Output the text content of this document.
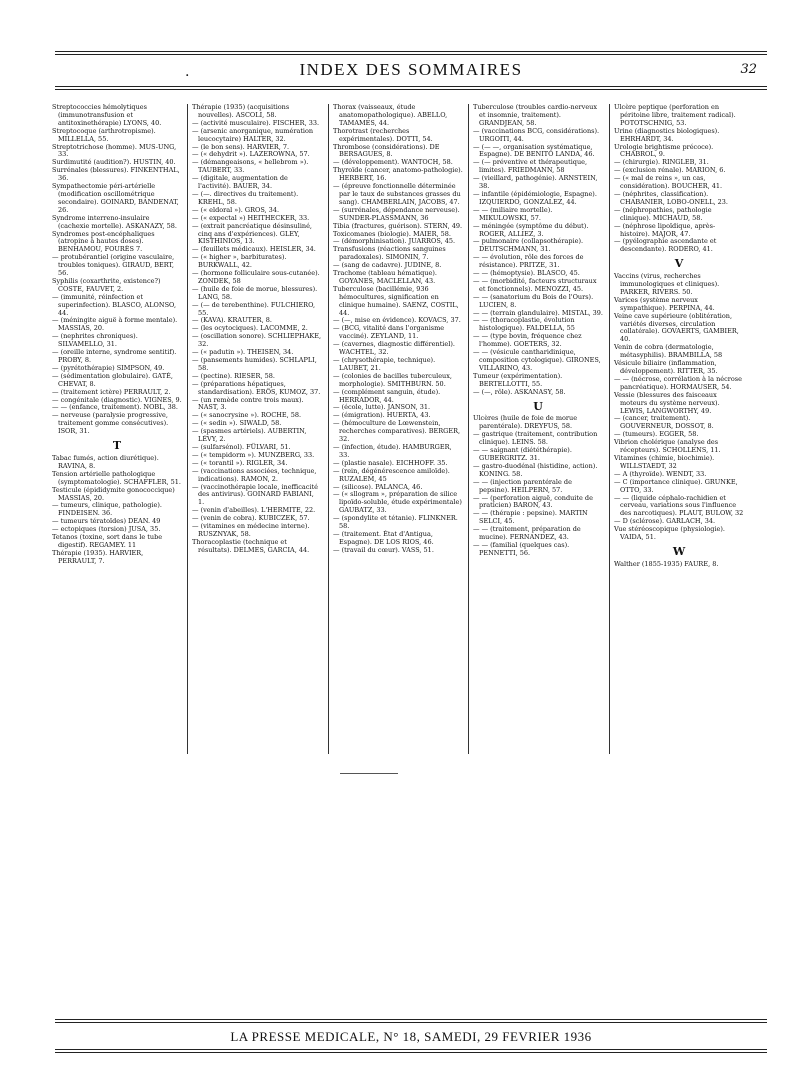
.	INDEX DES SOMMAIRES	32

Streptococcies hémolytiques (immunotransfusion et antitoxinethérapie) LYONS, 40.

Streptocoque (arthrotropisme). MILLELLA, 55.

Streptotrichose (homme). MUS-UNG, 33.

Surdimutité (audition?). HUSTIN, 40.

Surrénales (blessures). FINKENTHAL, 36.

Sympathectomie péri-artérielle (modification oscillométrique secondaire). GOINARD, BANDENAT, 26.

Syndrome interreno-insulaire (cachexie mortelle). ASKANAZY, 58.

Syndromes post-encéphaliques (atropine à hautes doses). BENHAMOU, FOURÈS 7.

— protubérantiel (origine vasculaire, troubles toniques). GIRAUD, BERT, 56.

Syphilis (coxarthrite, existence?) COSTE, FAUVET, 2.

— (immunité, réinfection et superinfection). BLASCO, ALONSO, 44.

— (méningite aiguë à forme mentale). MASSIAS, 20.

— (nephrites chroniques). SILVAMELLO, 31.

— (oreille interne, syndrome sentitif). PROBY, 8.

— (pyrétothérapie) SIMPSON, 49.

— (sédimentation globulaire). GATÉ, CHEVAT, 8.

— (traitement ictère) PERRAULT, 2.

— congénitale (diagnostic). VIGNES, 9.

— — (enfance, traitement). NOBL, 38.

— nerveuse (paralysie progressive, traitement gomme consécutives). ISOR, 31.

T

Tabac fumés, action diurétique). RAVINA, 8.

Tension artérielle pathologique (symptomatologie). SCHAFFLER, 51.

Testicule (épididymite gonococcique) MASSIAS, 20.

— tumeurs, clinique, pathologie). FINDEISEN. 36.

— tumeurs tératoïdes) DEAN. 49

— ectopiques (torsion) JUSA, 35.

Tetanos (toxine, sort dans le tube digestif). REGAMEY. 11

Thérapie (1935). HARVIER, PERRAULT, 7.

Thérapie (1935) (acquisitions nouvelles). ASCOLI, 58.

— (activité musculaire). FISCHER, 33.

— (arsenic anorganique, numération leucocytaire) HALTER, 32.

— (le bon sens). HARVIER, 7.

— (« dehydrit »). LAZEROWNA, 57.

— (démangeaisons, « hellebrom »). TAUBERT, 33.

— (digitale, augmentation de l'activité). BAUER, 34.

— (—. directives du traitement). KREHL, 58.

— (« eldoral »). GROS, 34.

— (« expectal ») HEITHECKER, 33.

— (extrait pancréatique désinsuliné, cinq ans d'expériences). GLEY, KISTHINIOS, 13.

— (feuillets médicaux). HEISLER, 34.

— (« higher », barbiturates). BURKWALL, 42.

— (hormone folliculaire sous-cutanée). ZONDEK, 58

— (huile de foie de morue, blessures). LANG, 58.

— (— de terebenthine). FULCHIERO, 55.

— (KAVA). KRAUTER, 8.

— (les ocytociques). LACOMME, 2.

— (oscillation sonore). SCHLIEPHAKE, 32.

— (« padutin »). THEISEN, 34.

— (pansements humides). SCHLAPLI, 58.

— (pectine). RIESER, 58.

— (préparations hépatiques, standardisation). ERÖS, KUMOZ, 37.

— (un remède contre trois maux). NAST, 3.

— (« sanocrysine »). ROCHE, 58.

— (« sedin »). SIWALD, 58.

— (spasmes artériels). AUBERTIN, LÉVY, 2.

— (sulfarsénol). FÜLVARI, 51.

— (« tempidorm »). MUNZBERG, 33.

— (« torantil »). RIGLER, 34.

— (vaccinations associées, technique, indications). RAMON, 2.

— (vaccinothérapie locale, inefficacité des antivirus). GOINARD FABIANI, 1.

— (venin d'abeilles). L'HERMITE, 22.

— (venin de cobra). KUBICZEK, 57.

— (vitamines en médecine interne). RUSZNYAK, 58.

Thoracoplastie (technique et résultats). DELMES, GARCIA, 44.

Thorax (vaisseaux, étude anatomopathologique). ABELLO, TAMAMES, 44.

Thorotrast (recherches expérimentales). DOTTI, 54.

Thrombose (considérations). DE BERSAGUES, 8.

— (développement). WANTOCH, 58.

Thyroïde (cancer, anatomo-pathologie). HERBERT, 16.

— (épreuve fonctionnelle déterminée par le taux de substances grasses du sang). CHAMBERLAIN, JACOBS, 47.

— (surrénales, dépendance nerveuse). SUNDER-PLASSMANN, 36

Tibia (fractures, guérison). STERN, 49.

Toxicomanes (biologie). MAIER, 58.

— (démorphinisation). JUARROS, 45.

Transfusions (réactions sanguines paradoxales). SIMONIN, 7.

— (sang de cadavre). JUDINE, 8.

Trachome (tableau hématique). GOYANES, MACLELLAN, 43.

Tuberculose (bacillémie, 936 hémocultures, signification en clinique humaine). SAENZ, COSTIL, 44.

— (—, mise en évidence). KOVACS, 37.

— (BCG, vitalité dans l'organisme vacciné). ZEYLAND, 11.

— (cavernes, diagnostic différentiel). WACHTEL, 32.

— (chrysothérapie, technique). LAUBET, 21.

— (colonies de bacilles tuberculeux, morphologie). SMITHBURN. 50.

— (complément sanguin, étude). HERRADOR, 44.

— (école, lutte). JANSON, 31.

— (émigration). HUERTA, 43.

— (hémoculture de Lœwenstein, recherches comparatives). BERGER, 32.

— (infection, étude). HAMBURGER, 33.

— (plastie nasale). EICHHOFF. 35.

— (rein, dégénérescence amiloïde). RUZALEM, 45

— (silicose). PALANCA, 46.

— (« sllogram », préparation de silice lipoïdo-soluble, étude expérimentale) GAUBATZ, 33.

— (spondylite et tétanie). FLINKNER. 58.

— (traitement. État d'Antigua, Espagne). DE LOS RIOS, 46.

— (travail du cœur). VASS, 51.

Tuberculose (troubles cardio-nerveux et insomnie, traitement). GRANDJEAN, 58.

— (vaccinations BCG, considérations). URGOITI, 44.

— (— —, organisation systématique, Espagne). DE BENITO LANDA, 46.

— (— préventive et thérapeutique, limites). FRIEDMANN, 58

— (vieillard, pathogénie). ARNSTEIN, 38.

— infantile (épidémiologie, Espagne). IZQUIERDO, GONZALEZ, 44.

— — (miliaire mortelle). MIKULOWSKI, 57.

— méningée (symptôme du début). ROGER, ALLIEZ, 3.

— pulmonaire (collapsothérapie). DEUTSCHMANN, 31.

— — évolution, rôle des forces de résistance). PRITZE, 31.

— — (hémoptysie). BLASCO, 45.

— — (morbidité, facteurs structuraux et fonctionnels). MENOZZI, 45.

— — (sanatorium du Bois de l'Ours). LUCIEN, 8.

— — (terrain glandulaire). MISTAL, 39.

— — (thoracoplastie, évolution histologique). FALDELLA, 55

— — (type bovin, fréquence chez l'homme). GOETERS, 32.

— — (vésicule cantharidinique, composition cytologique). GIRONES, VILLARINO, 43.

Tumeur (expérimentation). BERTELLOTTI, 55.

— (—, rôle). ASKANASY, 58.

U

Ulcères (huile de foie de morue parentérale). DREYFUS, 58.

— gastrique (traitement, contribution clinique). LEINS. 58.

— — saignant (diététhérapie). GUBERGRITZ. 31.

— gastro-duodénal (histidine, action). KONING. 58.

— — (injection parentérale de pepsine). HEILPERN, 57.

— — (perforation aiguë, conduite de praticien) BARON, 43.

— — (thérapie : pepsine). MARTIN SELCI, 45.

— — (traitement, préparation de mucine). FERNANDEZ, 43.

— — (familial (quelques cas). PENNETTI, 56.

Ulcère peptique (perforation en péritoine libre, traitement radical). POTOTSCHNIG, 53.

Urine (diagnostics biologiques). EHRHARDT, 34.

Urologie brightisme précoce). CHABROL, 9.

— (chirurgie). RINGLEB, 31.

— (exclusion rénale). MARION, 6.

— (« mal de reins », un cas, considération). BOUCHER, 41.

— (néphrites, classification). CHABANIER, LOBO-ONELL, 23.

— (néphropathies, pathologie clinique). MICHAUD, 58.

— (néphrose lipoïdique, après-histoire). MAJOR, 47.

— (pyélographie ascendante et descendante). RODERO, 41.

V

Vaccins (virus, recherches immunologiques et cliniques). PARKER, RIVERS. 50.

Varices (système nerveux sympathique). PERPINA, 44.

Veine cave supérieure (oblitération, variétés diverses, circulation collatérale). GOVAERTS, GAMBIER, 40.

Venin de cobra (dermatologie, métasyphilis). BRAMBILLA, 58

Vésicule biliaire (inflammation, développement). RITTER, 35.

— — (nécrose, corrélation à la nécrose pancréatique). HORMAUSER, 54.

Vessie (blessures des faisceaux moteurs du système nerveux). LEWIS, LANGWORTHY, 49.

— (cancer, traitement). GOUVERNEUR, DOSSOT, 8.

— (tumeurs). EGGER, 58.

Vibrion cholérique (analyse des récepteurs). SCHOLLENS, 11.

Vitamines (chimie, biochimie). WILLSTAEDT, 32

— A (thyroïde). WENDT, 33.

— C (importance clinique). GRUNKE, OTTO, 33.

— — (liquide céphalo-rachidien et cerveau, variations sous l'influence des narcotiques). PLAUT, BULOW, 32

— D (sclérose). GARLACH, 34.

Vue stéréoscopique (physiologie). VAIDA, 51.

W

Walther (1855-1935) FAURE, 8.

LA PRESSE MEDICALE, N° 18, SAMEDI, 29 FEVRIER 1936
